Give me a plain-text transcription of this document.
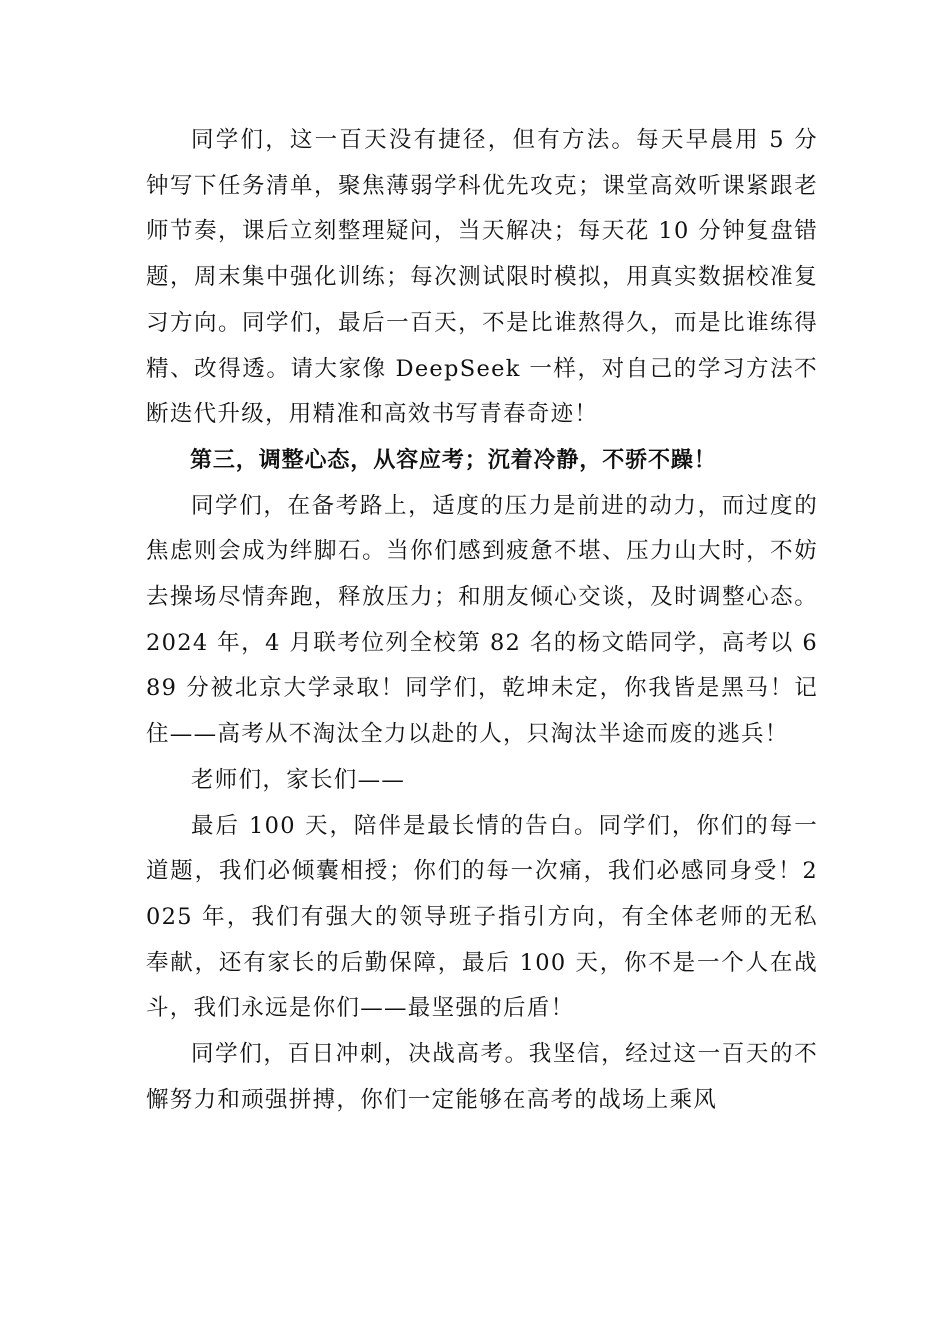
同学们，这一百天没有捷径，但有方法。每天早晨用 5 分钟写下任务清单，聚焦薄弱学科优先攻克；课堂高效听课紧跟老师节奏，课后立刻整理疑问，当天解决；每天花 10 分钟复盘错题，周末集中强化训练；每次测试限时模拟，用真实数据校准复习方向。同学们，最后一百天，不是比谁熬得久，而是比谁练得精、改得透。请大家像 DeepSeek 一样，对自己的学习方法不断迭代升级，用精准和高效书写青春奇迹！

第三，调整心态，从容应考；沉着冷静，不骄不躁！

同学们，在备考路上，适度的压力是前进的动力，而过度的焦虑则会成为绊脚石。当你们感到疲惫不堪、压力山大时，不妨去操场尽情奔跑，释放压力；和朋友倾心交谈，及时调整心态。2024 年，4 月联考位列全校第 82 名的杨文皓同学，高考以 689 分被北京大学录取！同学们，乾坤未定，你我皆是黑马！记住——高考从不淘汰全力以赴的人，只淘汰半途而废的逃兵！

老师们，家长们——

最后 100 天，陪伴是最长情的告白。同学们，你们的每一道题，我们必倾囊相授；你们的每一次痛，我们必感同身受！2025 年，我们有强大的领导班子指引方向，有全体老师的无私奉献，还有家长的后勤保障，最后 100 天，你不是一个人在战斗，我们永远是你们——最坚强的后盾！

同学们，百日冲刺，决战高考。我坚信，经过这一百天的不懈努力和顽强拼搏，你们一定能够在高考的战场上乘风
